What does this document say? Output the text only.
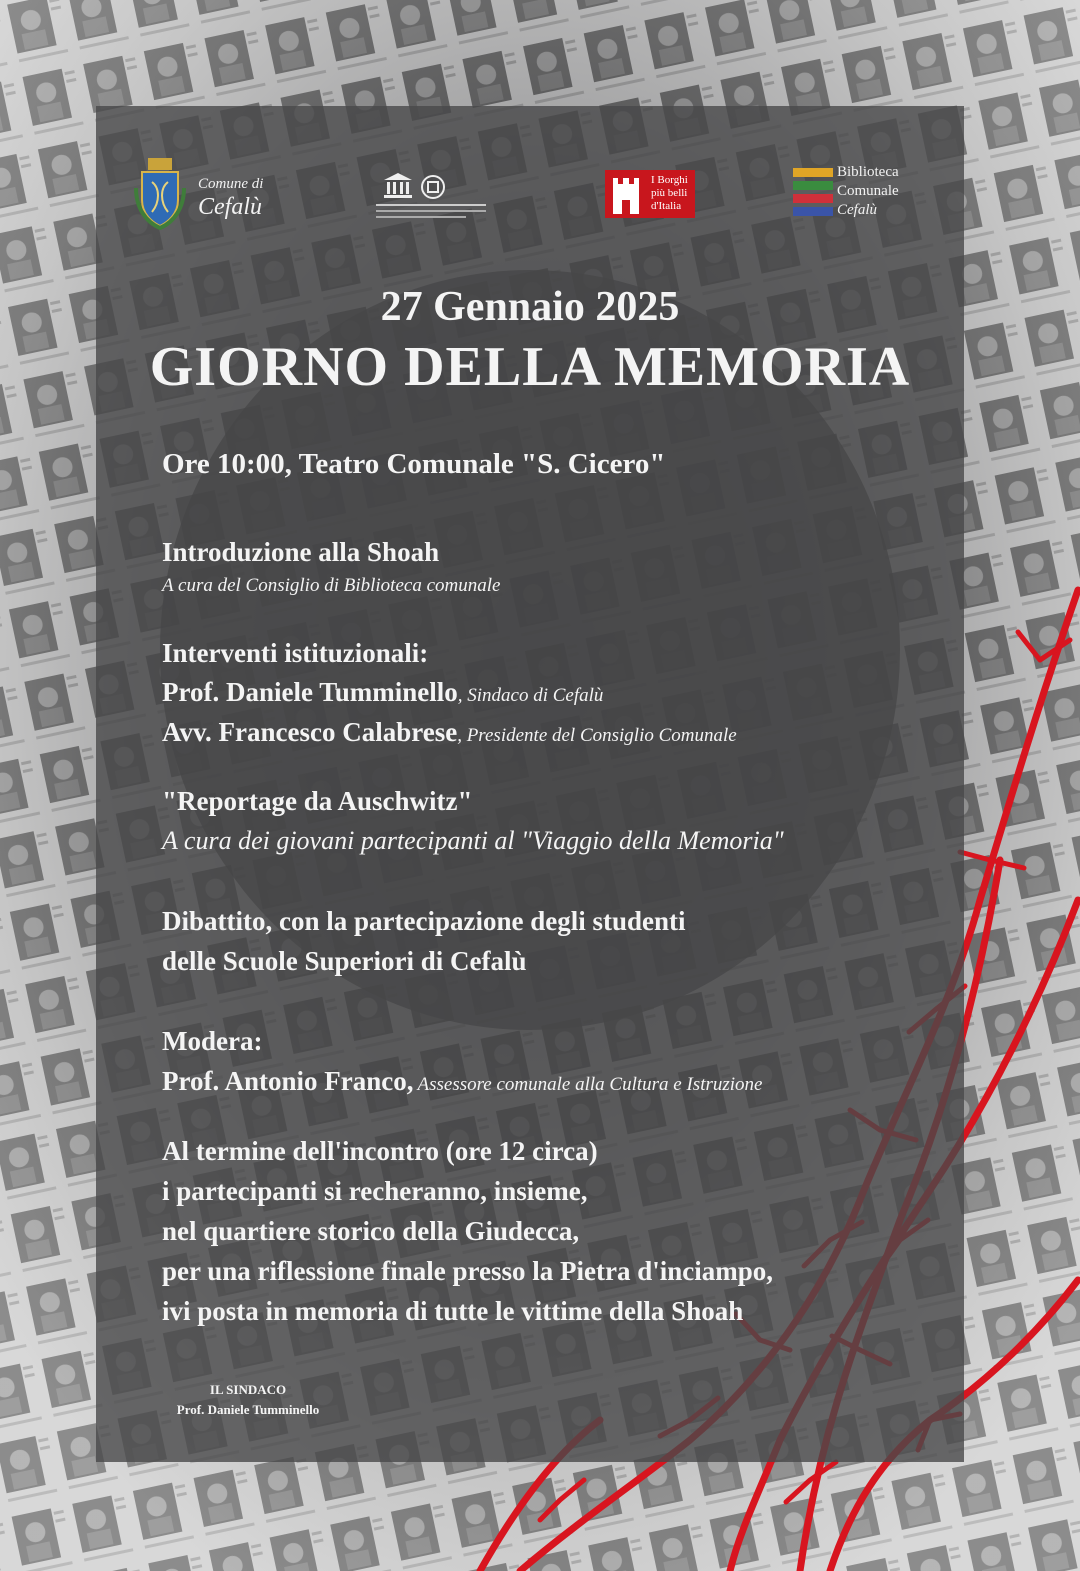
Comune di
Cefalù
I Borghi
più belli
d'Italia
Biblioteca
Comunale
Cefalù
27 Gennaio 2025
GIORNO DELLA MEMORIA
Ore 10:00, Teatro Comunale "S. Cicero"
Introduzione alla Shoah
A cura del Consiglio di Biblioteca comunale
Interventi istituzionali:
Prof. Daniele Tumminello, Sindaco di Cefalù
Avv. Francesco Calabrese, Presidente del Consiglio Comunale
"Reportage da Auschwitz"
A cura dei giovani partecipanti al "Viaggio della Memoria"
Dibattito, con la partecipazione degli studenti
delle Scuole Superiori di Cefalù
Modera:
Prof. Antonio Franco, Assessore comunale alla Cultura e Istruzione
Al termine dell'incontro (ore 12 circa)
i partecipanti si recheranno, insieme,
nel quartiere storico della Giudecca,
per una riflessione finale presso la Pietra d'inciampo,
ivi posta in memoria di tutte le vittime della Shoah
IL SINDACO
Prof. Daniele Tumminello
